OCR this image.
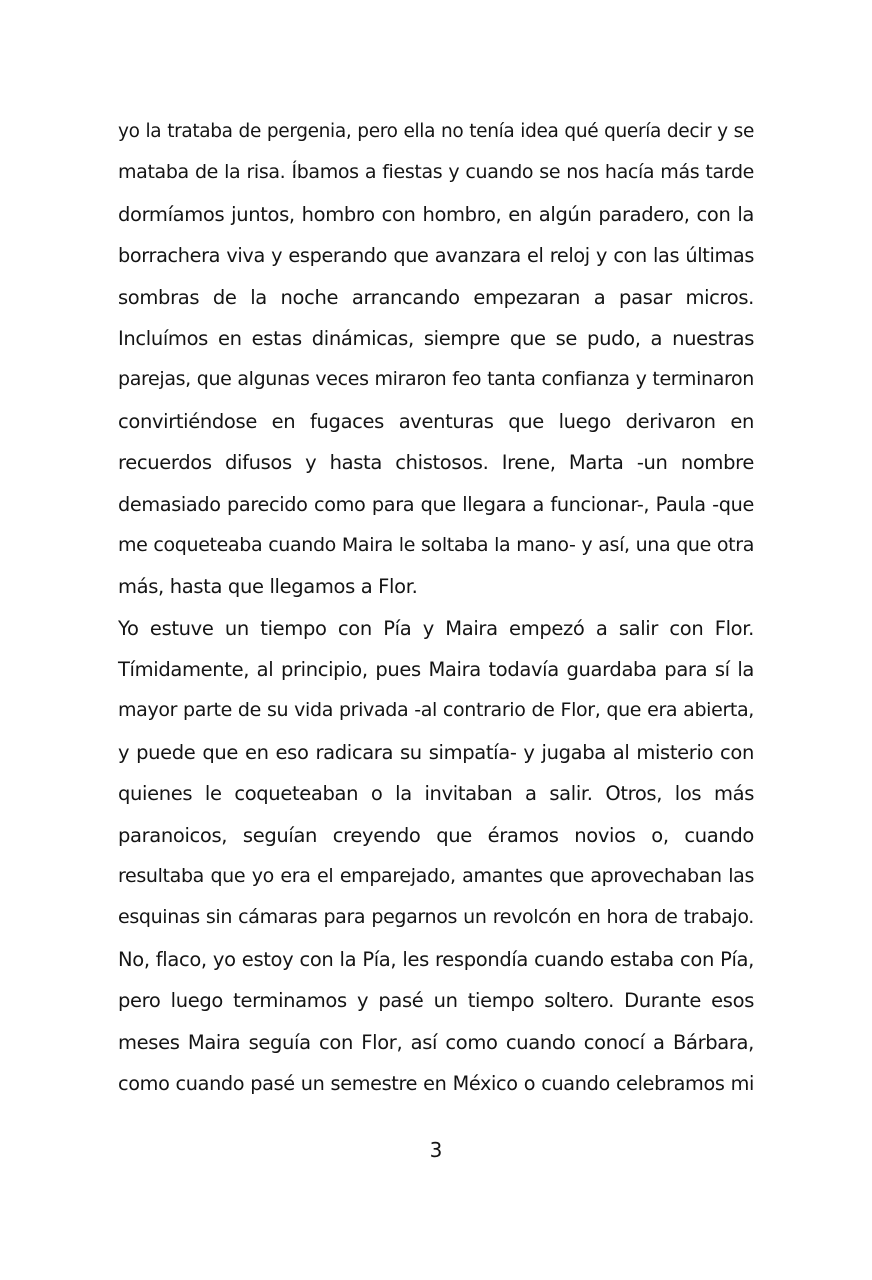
yo la trataba de pergenia, pero ella no tenía idea qué quería decir y se
mataba de la risa. Íbamos a fiestas y cuando se nos hacía más tarde
dormíamos juntos, hombro con hombro, en algún paradero, con la
borrachera viva y esperando que avanzara el reloj y con las últimas
sombras de la noche arrancando empezaran a pasar micros.
Incluímos en estas dinámicas, siempre que se pudo, a nuestras
parejas, que algunas veces miraron feo tanta confianza y terminaron
convirtiéndose en fugaces aventuras que luego derivaron en
recuerdos difusos y hasta chistosos. Irene, Marta -un nombre
demasiado parecido como para que llegara a funcionar-, Paula -que
me coqueteaba cuando Maira le soltaba la mano- y así, una que otra
más, hasta que llegamos a Flor.
Yo estuve un tiempo con Pía y Maira empezó a salir con Flor.
Tímidamente, al principio, pues Maira todavía guardaba para sí la
mayor parte de su vida privada -al contrario de Flor, que era abierta,
y puede que en eso radicara su simpatía- y jugaba al misterio con
quienes le coqueteaban o la invitaban a salir. Otros, los más
paranoicos, seguían creyendo que éramos novios o, cuando
resultaba que yo era el emparejado, amantes que aprovechaban las
esquinas sin cámaras para pegarnos un revolcón en hora de trabajo.
No, flaco, yo estoy con la Pía, les respondía cuando estaba con Pía,
pero luego terminamos y pasé un tiempo soltero. Durante esos
meses Maira seguía con Flor, así como cuando conocí a Bárbara,
como cuando pasé un semestre en México o cuando celebramos mi
3
